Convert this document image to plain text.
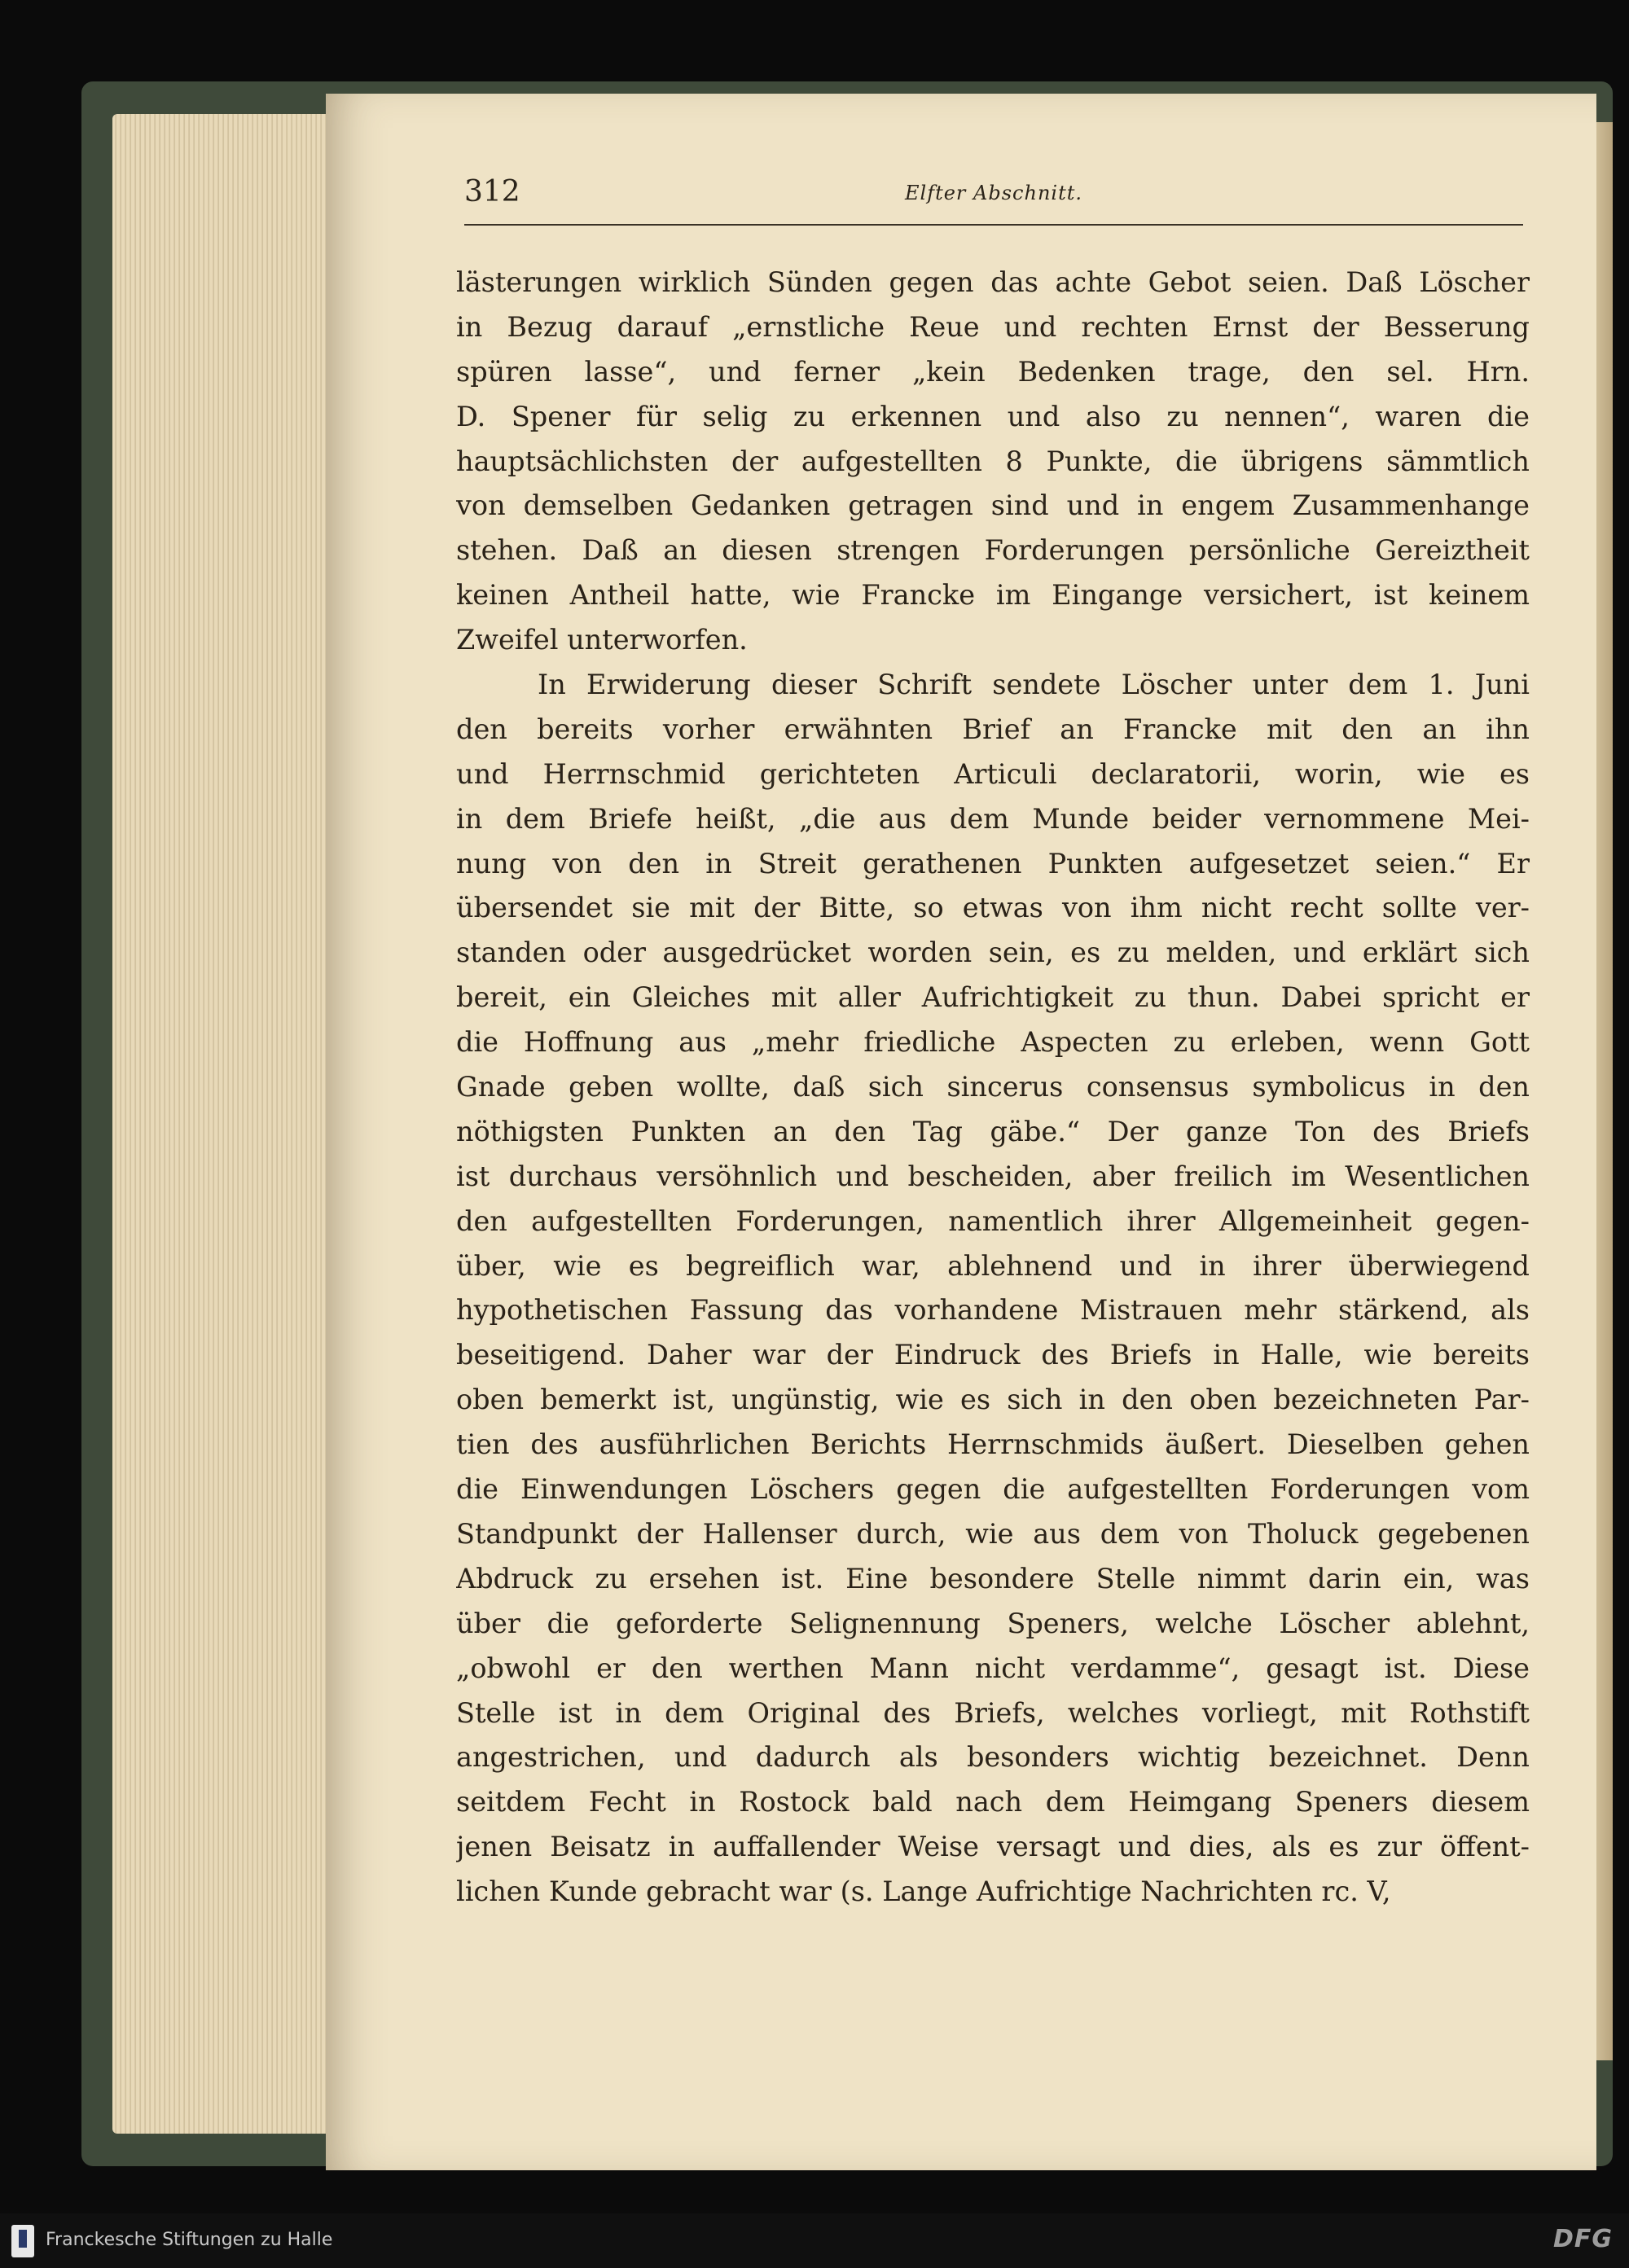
312	Elfter Abschnitt.
lästerungen wirklich Sünden gegen das achte Gebot seien. Daß Löscher
in Bezug darauf „ernstliche Reue und rechten Ernst der Besserung
spüren lasse“, und ferner „kein Bedenken trage, den sel. Hrn.
D. Spener für selig zu erkennen und also zu nennen“, waren die
hauptsächlichsten der aufgestellten 8 Punkte, die übrigens sämmtlich
von demselben Gedanken getragen sind und in engem Zusammenhange
stehen. Daß an diesen strengen Forderungen persönliche Gereiztheit
keinen Antheil hatte, wie Francke im Eingange versichert, ist keinem
Zweifel unterworfen.
In Erwiderung dieser Schrift sendete Löscher unter dem 1. Juni
den bereits vorher erwähnten Brief an Francke mit den an ihn
und Herrnschmid gerichteten Articuli declaratorii, worin, wie es
in dem Briefe heißt, „die aus dem Munde beider vernommene Mei-
nung von den in Streit gerathenen Punkten aufgesetzet seien.“ Er
übersendet sie mit der Bitte, so etwas von ihm nicht recht sollte ver-
standen oder ausgedrücket worden sein, es zu melden, und erklärt sich
bereit, ein Gleiches mit aller Aufrichtigkeit zu thun. Dabei spricht er
die Hoffnung aus „mehr friedliche Aspecten zu erleben, wenn Gott
Gnade geben wollte, daß sich sincerus consensus symbolicus in den
nöthigsten Punkten an den Tag gäbe.“ Der ganze Ton des Briefs
ist durchaus versöhnlich und bescheiden, aber freilich im Wesentlichen
den aufgestellten Forderungen, namentlich ihrer Allgemeinheit gegen-
über, wie es begreiflich war, ablehnend und in ihrer überwiegend
hypothetischen Fassung das vorhandene Mistrauen mehr stärkend, als
beseitigend. Daher war der Eindruck des Briefs in Halle, wie bereits
oben bemerkt ist, ungünstig, wie es sich in den oben bezeichneten Par-
tien des ausführlichen Berichts Herrnschmids äußert. Dieselben gehen
die Einwendungen Löschers gegen die aufgestellten Forderungen vom
Standpunkt der Hallenser durch, wie aus dem von Tholuck gegebenen
Abdruck zu ersehen ist. Eine besondere Stelle nimmt darin ein, was
über die geforderte Selignennung Speners, welche Löscher ablehnt,
„obwohl er den werthen Mann nicht verdamme“, gesagt ist. Diese
Stelle ist in dem Original des Briefs, welches vorliegt, mit Rothstift
angestrichen, und dadurch als besonders wichtig bezeichnet. Denn
seitdem Fecht in Rostock bald nach dem Heimgang Speners diesem
jenen Beisatz in auffallender Weise versagt und dies, als es zur öffent-
lichen Kunde gebracht war (s. Lange Aufrichtige Nachrichten rc. V,
Franckesche Stiftungen zu Halle	DFG
